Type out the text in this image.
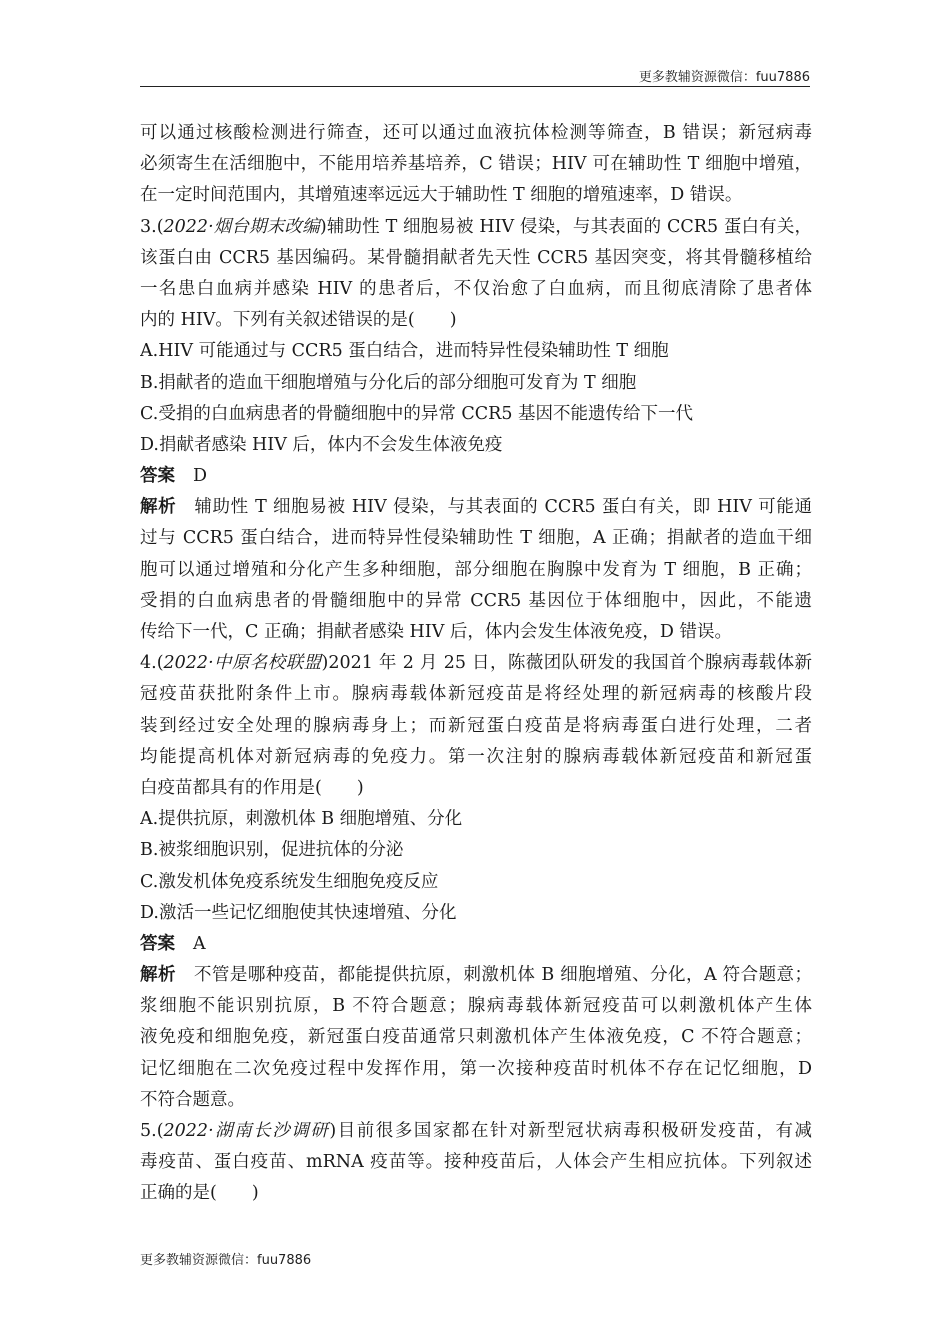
更多教辅资源微信：fuu7886
可以通过核酸检测进行筛查，还可以通过血液抗体检测等筛查，B 错误；新冠病毒
必须寄生在活细胞中，不能用培养基培养，C 错误；HIV 可在辅助性 T 细胞中增殖，
在一定时间范围内，其增殖速率远远大于辅助性 T 细胞的增殖速率，D 错误。
3.(2022·烟台期末改编)辅助性 T 细胞易被 HIV 侵染，与其表面的 CCR5 蛋白有关，
该蛋白由 CCR5 基因编码。某骨髓捐献者先天性 CCR5 基因突变，将其骨髓移植给
一名患白血病并感染 HIV 的患者后，不仅治愈了白血病，而且彻底清除了患者体
内的 HIV。下列有关叙述错误的是(　　)
A.HIV 可能通过与 CCR5 蛋白结合，进而特异性侵染辅助性 T 细胞
B.捐献者的造血干细胞增殖与分化后的部分细胞可发育为 T 细胞
C.受捐的白血病患者的骨髓细胞中的异常 CCR5 基因不能遗传给下一代
D.捐献者感染 HIV 后，体内不会发生体液免疫
答案 D
解析 辅助性 T 细胞易被 HIV 侵染，与其表面的 CCR5 蛋白有关，即 HIV 可能通
过与 CCR5 蛋白结合，进而特异性侵染辅助性 T 细胞，A 正确；捐献者的造血干细
胞可以通过增殖和分化产生多种细胞，部分细胞在胸腺中发育为 T 细胞，B 正确；
受捐的白血病患者的骨髓细胞中的异常 CCR5 基因位于体细胞中，因此，不能遗
传给下一代，C 正确；捐献者感染 HIV 后，体内会发生体液免疫，D 错误。
4.(2022·中原名校联盟)2021 年 2 月 25 日，陈薇团队研发的我国首个腺病毒载体新
冠疫苗获批附条件上市。腺病毒载体新冠疫苗是将经处理的新冠病毒的核酸片段
装到经过安全处理的腺病毒身上；而新冠蛋白疫苗是将病毒蛋白进行处理，二者
均能提高机体对新冠病毒的免疫力。第一次注射的腺病毒载体新冠疫苗和新冠蛋
白疫苗都具有的作用是(　　)
A.提供抗原，刺激机体 B 细胞增殖、分化
B.被浆细胞识别，促进抗体的分泌
C.激发机体免疫系统发生细胞免疫反应
D.激活一些记忆细胞使其快速增殖、分化
答案 A
解析 不管是哪种疫苗，都能提供抗原，刺激机体 B 细胞增殖、分化，A 符合题意；
浆细胞不能识别抗原，B 不符合题意；腺病毒载体新冠疫苗可以刺激机体产生体
液免疫和细胞免疫，新冠蛋白疫苗通常只刺激机体产生体液免疫，C 不符合题意；
记忆细胞在二次免疫过程中发挥作用，第一次接种疫苗时机体不存在记忆细胞，D
不符合题意。
5.(2022·湖南长沙调研)目前很多国家都在针对新型冠状病毒积极研发疫苗，有减
毒疫苗、蛋白疫苗、mRNA 疫苗等。接种疫苗后，人体会产生相应抗体。下列叙述
正确的是(　　)
更多教辅资源微信：fuu7886
